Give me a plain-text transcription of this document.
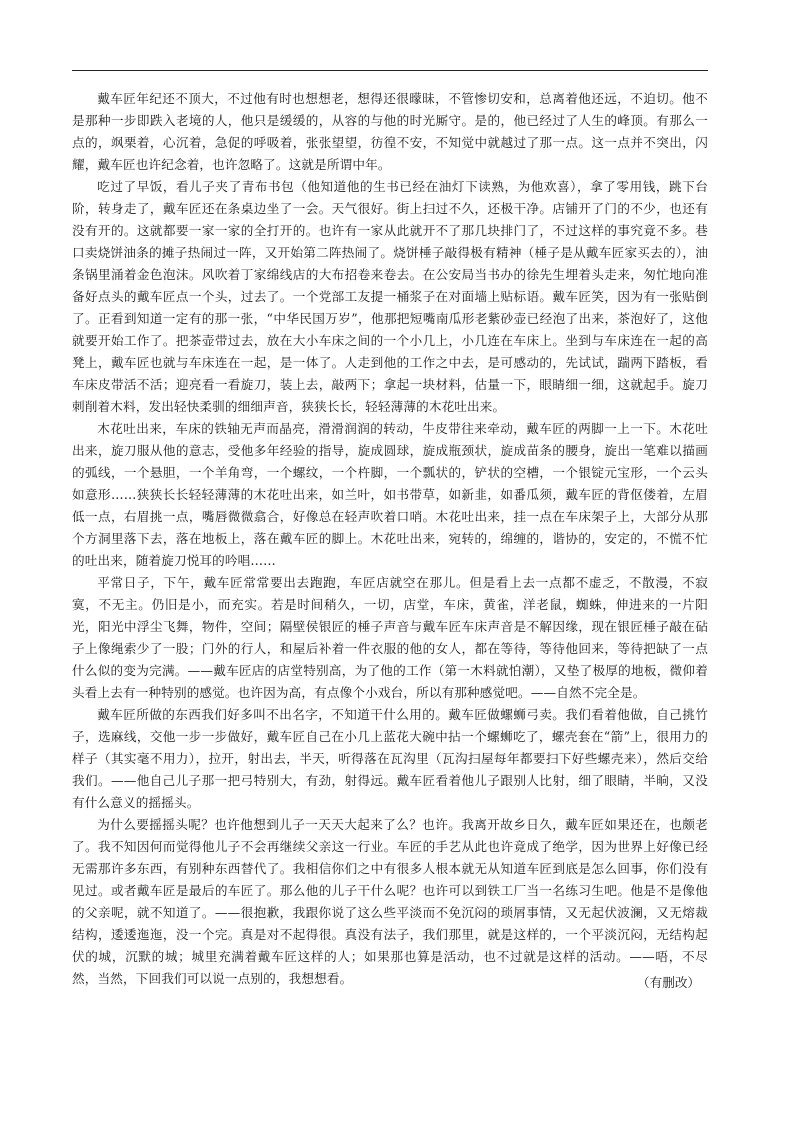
戴车匠年纪还不顶大，不过他有时也想想老，想得还很曚昧，不管惨切安和，总离着他还远，不迫切。他不是那种一步即跌入老境的人，他只是缓缓的，从容的与他的时光厮守。是的，他已经过了人生的峰顶。有那么一点的，飒栗着，心沉着，急促的呼吸着，张张望望，彷徨不安，不知觉中就越过了那一点。这一点并不突出，闪耀，戴车匠也许纪念着，也许忽略了。这就是所谓中年。

吃过了早饭，看儿子夹了青布书包（他知道他的生书已经在油灯下读熟，为他欢喜），拿了零用钱，跳下台阶，转身走了，戴车匠还在条桌边坐了一会。天气很好。街上扫过不久，还极干净。店铺开了门的不少，也还有没有开的。这就都要一家一家的全打开的。也许有一家从此就开不了那几块排门了，不过这样的事究竟不多。巷口卖烧饼油条的摊子热闹过一阵，又开始第二阵热闹了。烧饼棰子敲得极有精神（棰子是从戴车匠家买去的），油条锅里涌着金色泡沫。风吹着丁家绵线店的大布招卷来卷去。在公安局当书办的徐先生埋着头走来，匆忙地向准备好点头的戴车匠点一个头，过去了。一个党部工友提一桶浆子在对面墙上贴标语。戴车匠笑，因为有一张贴倒了。正看到知道一定有的那一张，“中华民国万岁”，他那把短嘴南瓜形老紫砂壶已经泡了出来，茶泡好了，这他就要开始工作了。把茶壶带过去，放在大小车床之间的一个小几上，小几连在车床上。坐到与车床连在一起的高凳上，戴车匠也就与车床连在一起，是一体了。人走到他的工作之中去，是可感动的，先试试，踹两下踏板，看车床皮带活不活；迎亮看一看旋刀，装上去，敲两下；拿起一块材料，估量一下，眼睛细一细，这就起手。旋刀刺削着木料，发出轻快柔驯的细细声音，狭狭长长，轻轻薄薄的木花吐出来。

木花吐出来，车床的铁轴无声而晶亮，滑滑润润的转动，牛皮带往来牵动，戴车匠的两脚一上一下。木花吐出来，旋刀服从他的意志，受他多年经验的指导，旋成圆球，旋成瓶颈状，旋成苗条的腰身，旋出一笔难以描画的弧线，一个悬胆，一个羊角弯，一个螺纹，一个杵脚，一个瓢状的，铲状的空槽，一个银锭元宝形，一个云头如意形……狭狭长长轻轻薄薄的木花吐出来，如兰叶，如书带草，如新韭，如番瓜须，戴车匠的背伛偻着，左眉低一点，右眉挑一点，嘴唇微微翕合，好像总在轻声吹着口哨。木花吐出来，挂一点在车床架子上，大部分从那个方洞里落下去，落在地板上，落在戴车匠的脚上。木花吐出来，宛转的，绵缠的，谐协的，安定的，不慌不忙的吐出来，随着旋刀悦耳的吟唱……

平常日子，下午，戴车匠常常要出去跑跑，车匠店就空在那儿。但是看上去一点都不虚乏，不散漫，不寂寞，不无主。仍旧是小，而充实。若是时间稍久，一切，店堂，车床，黄雀，洋老鼠，蜘蛛，伸进来的一片阳光，阳光中浮尘飞舞，物件，空间；隔壁侯银匠的棰子声音与戴车匠车床声音是不解因缘，现在银匠棰子敲在砧子上像绳索少了一股；门外的行人，和屋后补着一件衣服的他的女人，都在等待，等待他回来，等待把缺了一点什么似的变为完满。——戴车匠店的店堂特别高，为了他的工作（第一木料就怕潮），又垫了极厚的地板，微仰着头看上去有一种特别的感觉。也许因为高，有点像个小戏台，所以有那种感觉吧。——自然不完全是。

戴车匠所做的东西我们好多叫不出名字，不知道干什么用的。戴车匠做螺蛳弓卖。我们看着他做，自己挑竹子，选麻线，交他一步一步做好，戴车匠自己在小几上蓝花大碗中拈一个螺蛳吃了，螺壳套在“箭”上，很用力的样子（其实毫不用力），拉开，射出去，半天，听得落在瓦沟里（瓦沟扫屋每年都要扫下好些螺壳来），然后交给我们。——他自己儿子那一把弓特别大，有劲，射得远。戴车匠看着他儿子跟别人比射，细了眼睛，半晌，又没有什么意义的摇摇头。

为什么要摇摇头呢？也许他想到儿子一天天大起来了么？也许。我离开故乡日久，戴车匠如果还在，也颇老了。我不知因何而觉得他儿子不会再继续父亲这一行业。车匠的手艺从此也许竟成了绝学，因为世界上好像已经无需那许多东西，有别种东西替代了。我相信你们之中有很多人根本就无从知道车匠到底是怎么回事，你们没有见过。或者戴车匠是最后的车匠了。那么他的儿子干什么呢？也许可以到铁工厂当一名练习生吧。他是不是像他的父亲呢，就不知道了。——很抱歉，我跟你说了这么些平淡而不免沉闷的琐屑事情，又无起伏波澜，又无熔裁结构，逶逶迤迤，没一个完。真是对不起得很。真没有法子，我们那里，就是这样的，一个平淡沉闷，无结构起伏的城，沉默的城；城里充满着戴车匠这样的人；如果那也算是活动，也不过就是这样的活动。——唔，不尽然，当然，下回我们可以说一点别的，我想想看。	（有删改）
